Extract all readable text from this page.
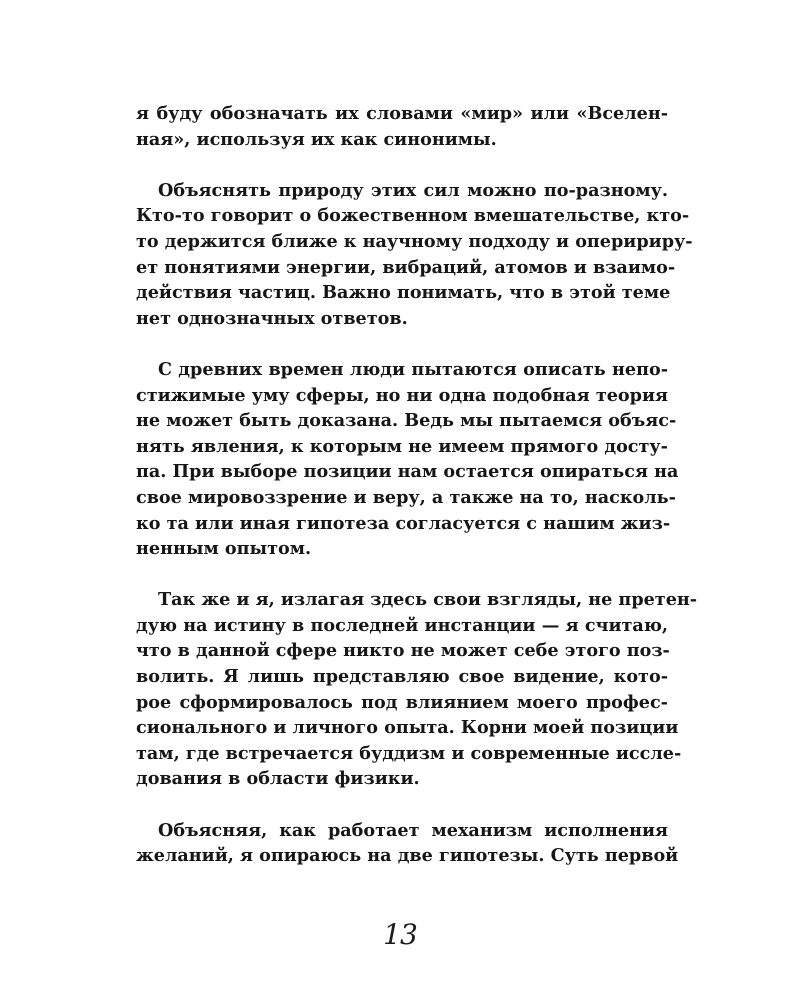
я буду обозначать их словами «мир» или «Вселен-
ная», используя их как синонимы.
Объяснять природу этих сил можно по-разному.
Кто-то говорит о божественном вмешательстве, кто-
то держится ближе к научному подходу и оперириру-
ет понятиями энергии, вибраций, атомов и взаимо-
действия частиц. Важно понимать, что в этой теме
нет однозначных ответов.
С древних времен люди пытаются описать непо-
стижимые уму сферы, но ни одна подобная теория
не может быть доказана. Ведь мы пытаемся объяс-
нять явления, к которым не имеем прямого досту-
па. При выборе позиции нам остается опираться на
свое мировоззрение и веру, а также на то, насколь-
ко та или иная гипотеза согласуется с нашим жиз-
ненным опытом.
Так же и я, излагая здесь свои взгляды, не претен-
дую на истину в последней инстанции — я считаю,
что в данной сфере никто не может себе этого поз-
волить. Я лишь представляю свое видение, кото-
рое сформировалось под влиянием моего профес-
сионального и личного опыта. Корни моей позиции
там, где встречается буддизм и современные иссле-
дования в области физики.
Объясняя, как работает механизм исполнения
желаний, я опираюсь на две гипотезы. Суть первой
13
